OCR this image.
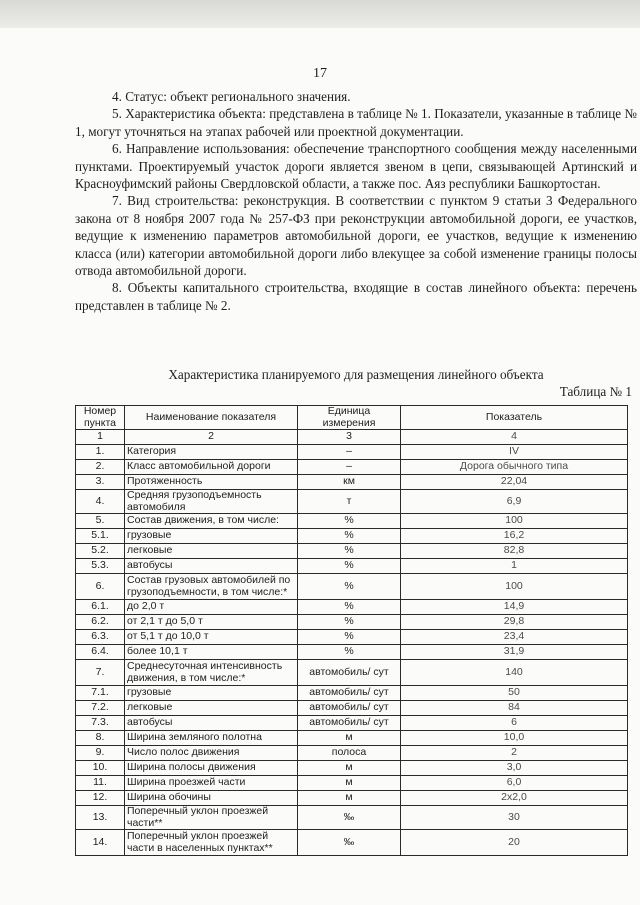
17

4. Статус: объект регионального значения.

5. Характеристика объекта: представлена в таблице № 1. Показатели, указанные в таблице № 1, могут уточняться на этапах рабочей или проектной документации.

6. Направление использования: обеспечение транспортного сообщения между населенными пунктами. Проектируемый участок дороги является звеном в цепи, связывающей Артинский и Красноуфимский районы Свердловской области, а также пос. Аяз республики Башкортостан.

7. Вид строительства: реконструкция. В соответствии с пунктом 9 статьи 3 Федерального закона от 8 ноября 2007 года № 257-ФЗ при реконструкции автомобильной дороги, ее участков, ведущие к изменению параметров автомобильной дороги, ее участков, ведущие к изменению класса (или) категории автомобильной дороги либо влекущее за собой изменение границы полосы отвода автомобильной дороги.

8. Объекты капитального строительства, входящие в состав линейного объекта: перечень представлен в таблице № 2.

Характеристика планируемого для размещения линейного объекта
Таблица № 1
Номер пункта	Наименование показателя	Единица измерения	Показатель
1	2	3	4
1.	Категория	–	IV
2.	Класс автомобильной дороги	–	Дорога обычного типа
3.	Протяженность	км	22,04
4.	Средняя грузоподъемность автомобиля	т	6,9
5.	Состав движения, в том числе:	%	100
5.1.	грузовые	%	16,2
5.2.	легковые	%	82,8
5.3.	автобусы	%	1
6.	Состав грузовых автомобилей по грузоподъемности, в том числе:*	%	100
6.1.	до 2,0 т	%	14,9
6.2.	от 2,1 т до 5,0 т	%	29,8
6.3.	от 5,1 т до 10,0 т	%	23,4
6.4.	более 10,1 т	%	31,9
7.	Среднесуточная интенсивность движения, в том числе:*	автомобиль/ сут	140
7.1.	грузовые	автомобиль/ сут	50
7.2.	легковые	автомобиль/ сут	84
7.3.	автобусы	автомобиль/ сут	6
8.	Ширина земляного полотна	м	10,0
9.	Число полос движения	полоса	2
10.	Ширина полосы движения	м	3,0
11.	Ширина проезжей части	м	6,0
12.	Ширина обочины	м	2х2,0
13.	Поперечный уклон проезжей части**	‰	30
14.	Поперечный уклон проезжей части в населенных пунктах**	‰	20
